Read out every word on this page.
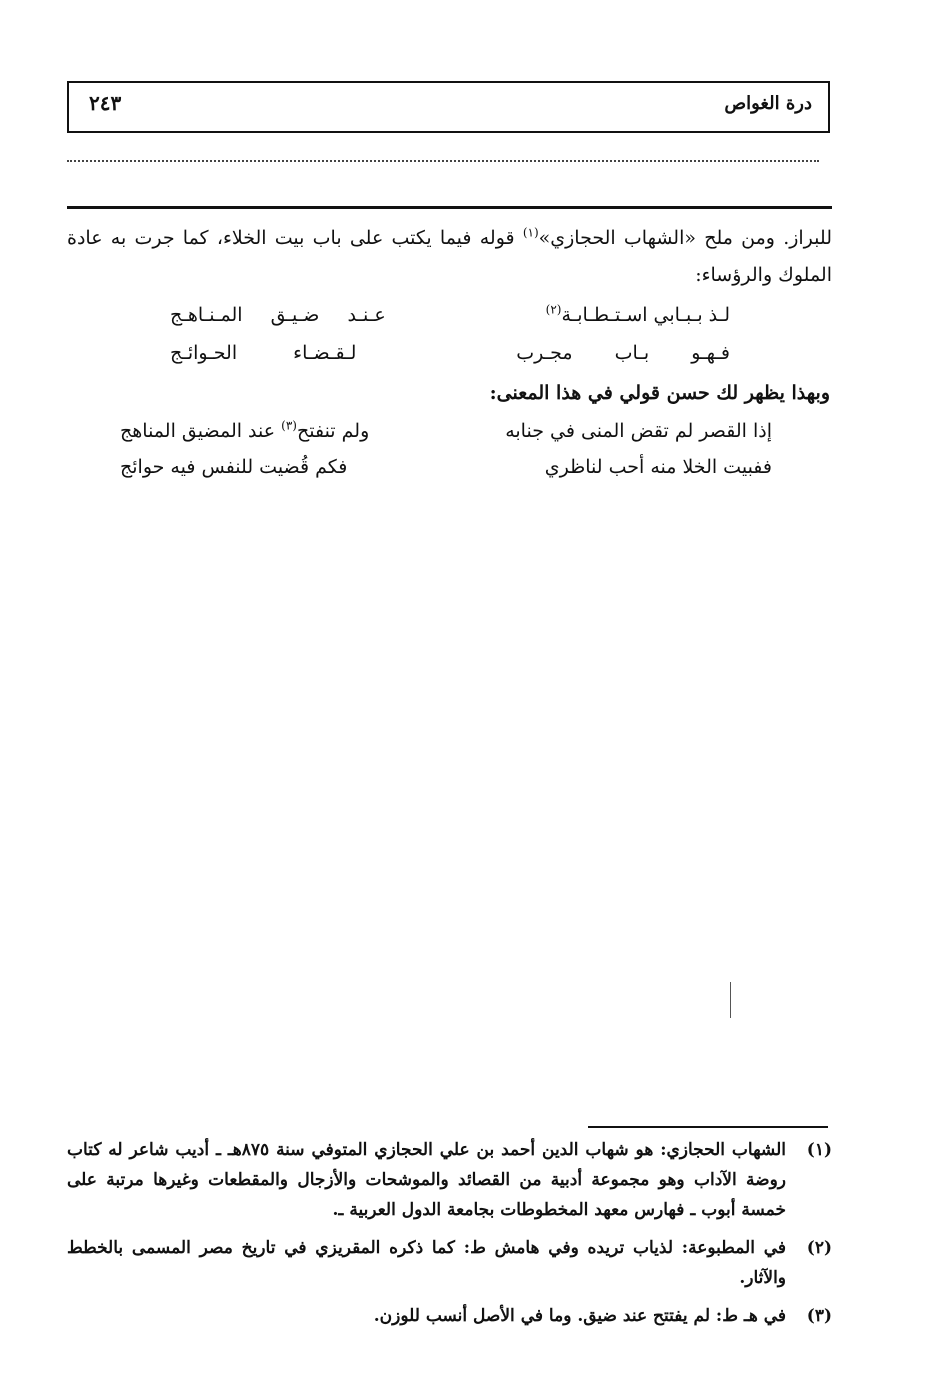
درة الغواص
٢٤٣
للبراز. ومن ملح «الشهاب الحجازي»$^{(١)}$ قوله فيما يكتب على باب بيت الخلاء، كما جرت به عادة الملوك والرؤساء:
لـذ بـبـابي اسـتـطـابـة$^{(٢)}$
عـنـد ضـيـق المـنـاهـج
فـهـو بـاب مجـرب
لـقـضـاء الحـوائـج
وبهذا يظهر لك حسن قولي في هذا المعنى:
إذا القصر لم تقض المنى في جنابه
ولم تنفتح$^{(٣)}$ عند المضيق المناهج
ففبيت الخلا منه أحب لناظري
فكم قُضيت للنفس فيه حوائج
(١)
الشهاب الحجازي: هو شهاب الدين أحمد بن علي الحجازي المتوفي سنة ٨٧٥هـ ـ أديب شاعر له كتاب روضة الآداب وهو مجموعة أدبية من القصائد والموشحات والأزجال والمقطعات وغيرها مرتبة على خمسة أبوب ـ فهارس معهد المخطوطات بجامعة الدول العربية ـ.
(٢)
في المطبوعة: لذياب تريده وفي هامش ط: كما ذكره المقريزي في تاريخ مصر المسمى بالخطط والآثار.
(٣)
في هـ ط: لم يفتتح عند ضيق. وما في الأصل أنسب للوزن.
